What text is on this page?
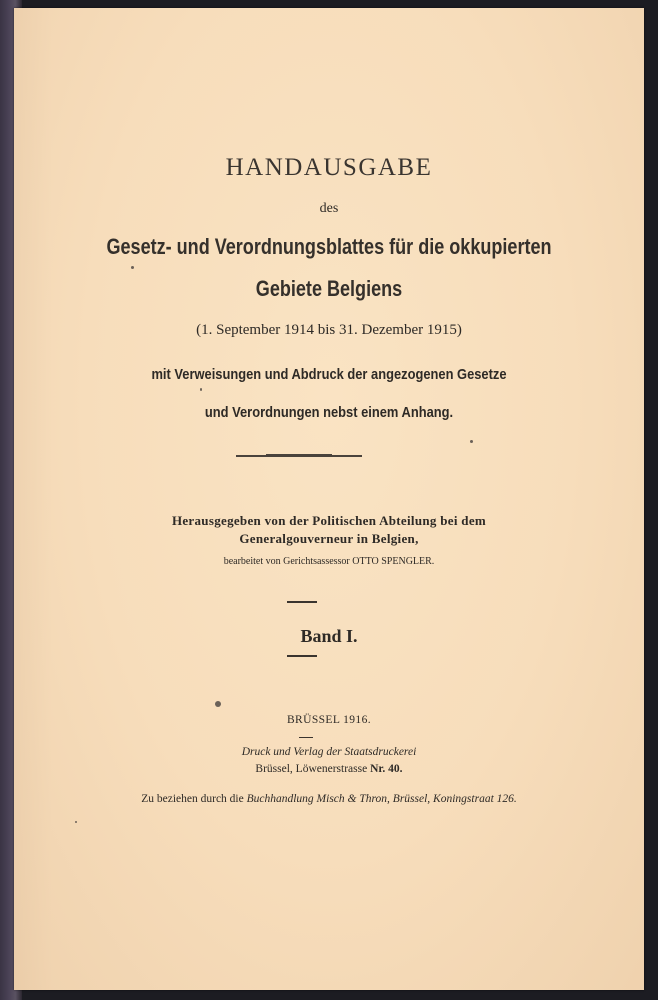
HANDAUSGABE

des

Gesetz- und Verordnungsblattes für die okkupierten

Gebiete Belgiens

(1. September 1914 bis 31. Dezember 1915)

mit Verweisungen und Abdruck der angezogenen Gesetze

und Verordnungen nebst einem Anhang.

Herausgegeben von der Politischen Abteilung bei dem

Generalgouverneur in Belgien,

bearbeitet von Gerichtsassessor OTTO SPENGLER.

Band I.

BRÜSSEL 1916.

Druck und Verlag der Staatsdruckerei

Brüssel, Löwenerstrasse Nr. 40.

Zu beziehen durch die Buchhandlung Misch & Thron, Brüssel, Koningstraat 126.
